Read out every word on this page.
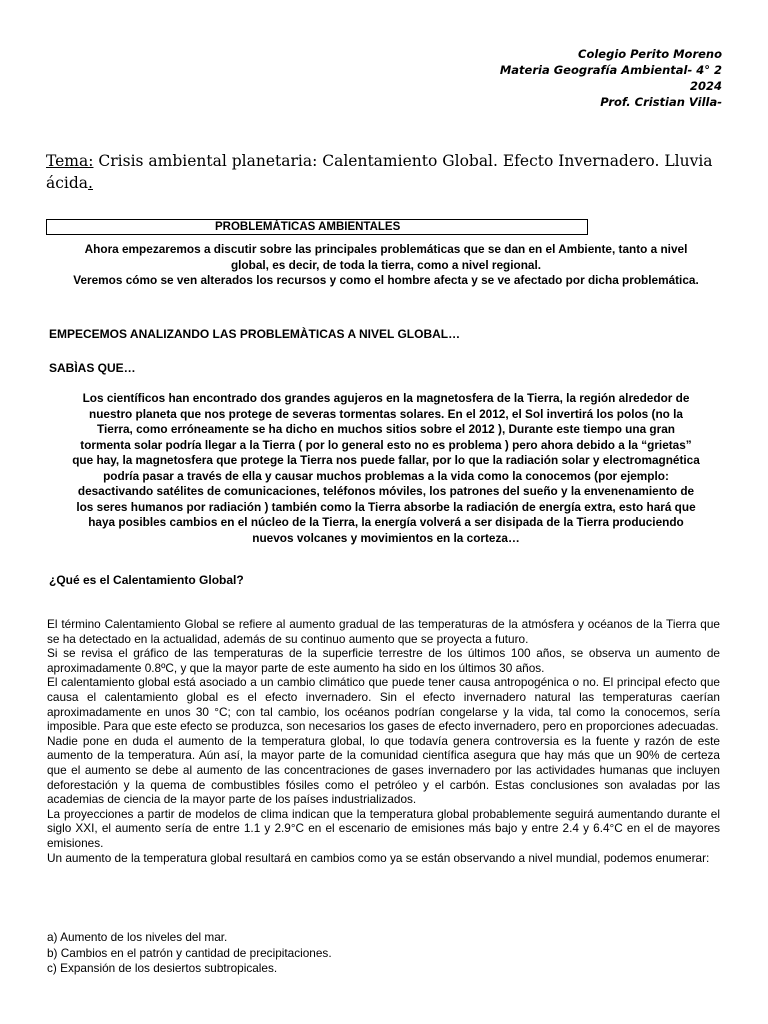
Colegio Perito Moreno
Materia Geografía Ambiental- 4° 2
2024
Prof. Cristian Villa-
Tema: Crisis ambiental planetaria: Calentamiento Global. Efecto Invernadero. Lluvia ácida.
PROBLEMÁTICAS AMBIENTALES
Ahora empezaremos a discutir sobre las principales problemáticas que se dan en el Ambiente, tanto a nivel
global, es decir, de toda la tierra, como a nivel regional.
Veremos cómo se ven alterados los recursos y como el hombre afecta y se ve afectado por dicha problemática.
EMPECEMOS ANALIZANDO LAS PROBLEMÀTICAS A NIVEL GLOBAL…
SABÌAS QUE…
Los científicos han encontrado dos grandes agujeros en la magnetosfera de la Tierra, la región alrededor de
nuestro planeta que nos protege de severas tormentas solares. En el 2012, el Sol invertirá los polos (no la
Tierra, como erróneamente se ha dicho en muchos sitios sobre el 2012 ), Durante este tiempo una gran
tormenta solar podría llegar a la Tierra ( por lo general esto no es problema ) pero ahora debido a la “grietas”
que hay, la magnetosfera que protege la Tierra nos puede fallar, por lo que la radiación solar y electromagnética
podría pasar a través de ella y causar muchos problemas a la vida como la conocemos (por ejemplo:
desactivando satélites de comunicaciones, teléfonos móviles, los patrones del sueño y la envenenamiento de
los seres humanos por radiación ) también como la Tierra absorbe la radiación de energía extra, esto hará que
haya posibles cambios en el núcleo de la Tierra, la energía volverá a ser disipada de la Tierra produciendo
nuevos volcanes y movimientos en la corteza…
¿Qué es el Calentamiento Global?

El término Calentamiento Global se refiere al aumento gradual de las temperaturas de la atmósfera y océanos de la Tierra que se ha detectado en la actualidad, además de su continuo aumento que se proyecta a futuro.

Si se revisa el gráfico de las temperaturas de la superficie terrestre de los últimos 100 años, se observa un aumento de aproximadamente 0.8ºC, y que la mayor parte de este aumento ha sido en los últimos 30 años.

El calentamiento global está asociado a un cambio climático que puede tener causa antropogénica o no. El principal efecto que causa el calentamiento global es el efecto invernadero. Sin el efecto invernadero natural las temperaturas caerían aproximadamente en unos 30 °C; con tal cambio, los océanos podrían congelarse y la vida, tal como la conocemos, sería imposible. Para que este efecto se produzca, son necesarios los gases de efecto invernadero, pero en proporciones adecuadas.

Nadie pone en duda el aumento de la temperatura global, lo que todavía genera controversia es la fuente y razón de este aumento de la temperatura. Aún así, la mayor parte de la comunidad científica asegura que hay más que un 90% de certeza que el aumento se debe al aumento de las concentraciones de gases invernadero por las actividades humanas que incluyen deforestación y la quema de combustibles fósiles como el petróleo y el carbón. Estas conclusiones son avaladas por las academias de ciencia de la mayor parte de los países industrializados.

La proyecciones a partir de modelos de clima indican que la temperatura global probablemente seguirá aumentando durante el siglo XXI, el aumento sería de entre 1.1 y 2.9°C en el escenario de emisiones más bajo y entre 2.4 y 6.4°C en el de mayores emisiones.

Un aumento de la temperatura global resultará en cambios como ya se están observando a nivel mundial, podemos enumerar:

a) Aumento de los niveles del mar.
b) Cambios en el patrón y cantidad de precipitaciones.
c) Expansión de los desiertos subtropicales.
